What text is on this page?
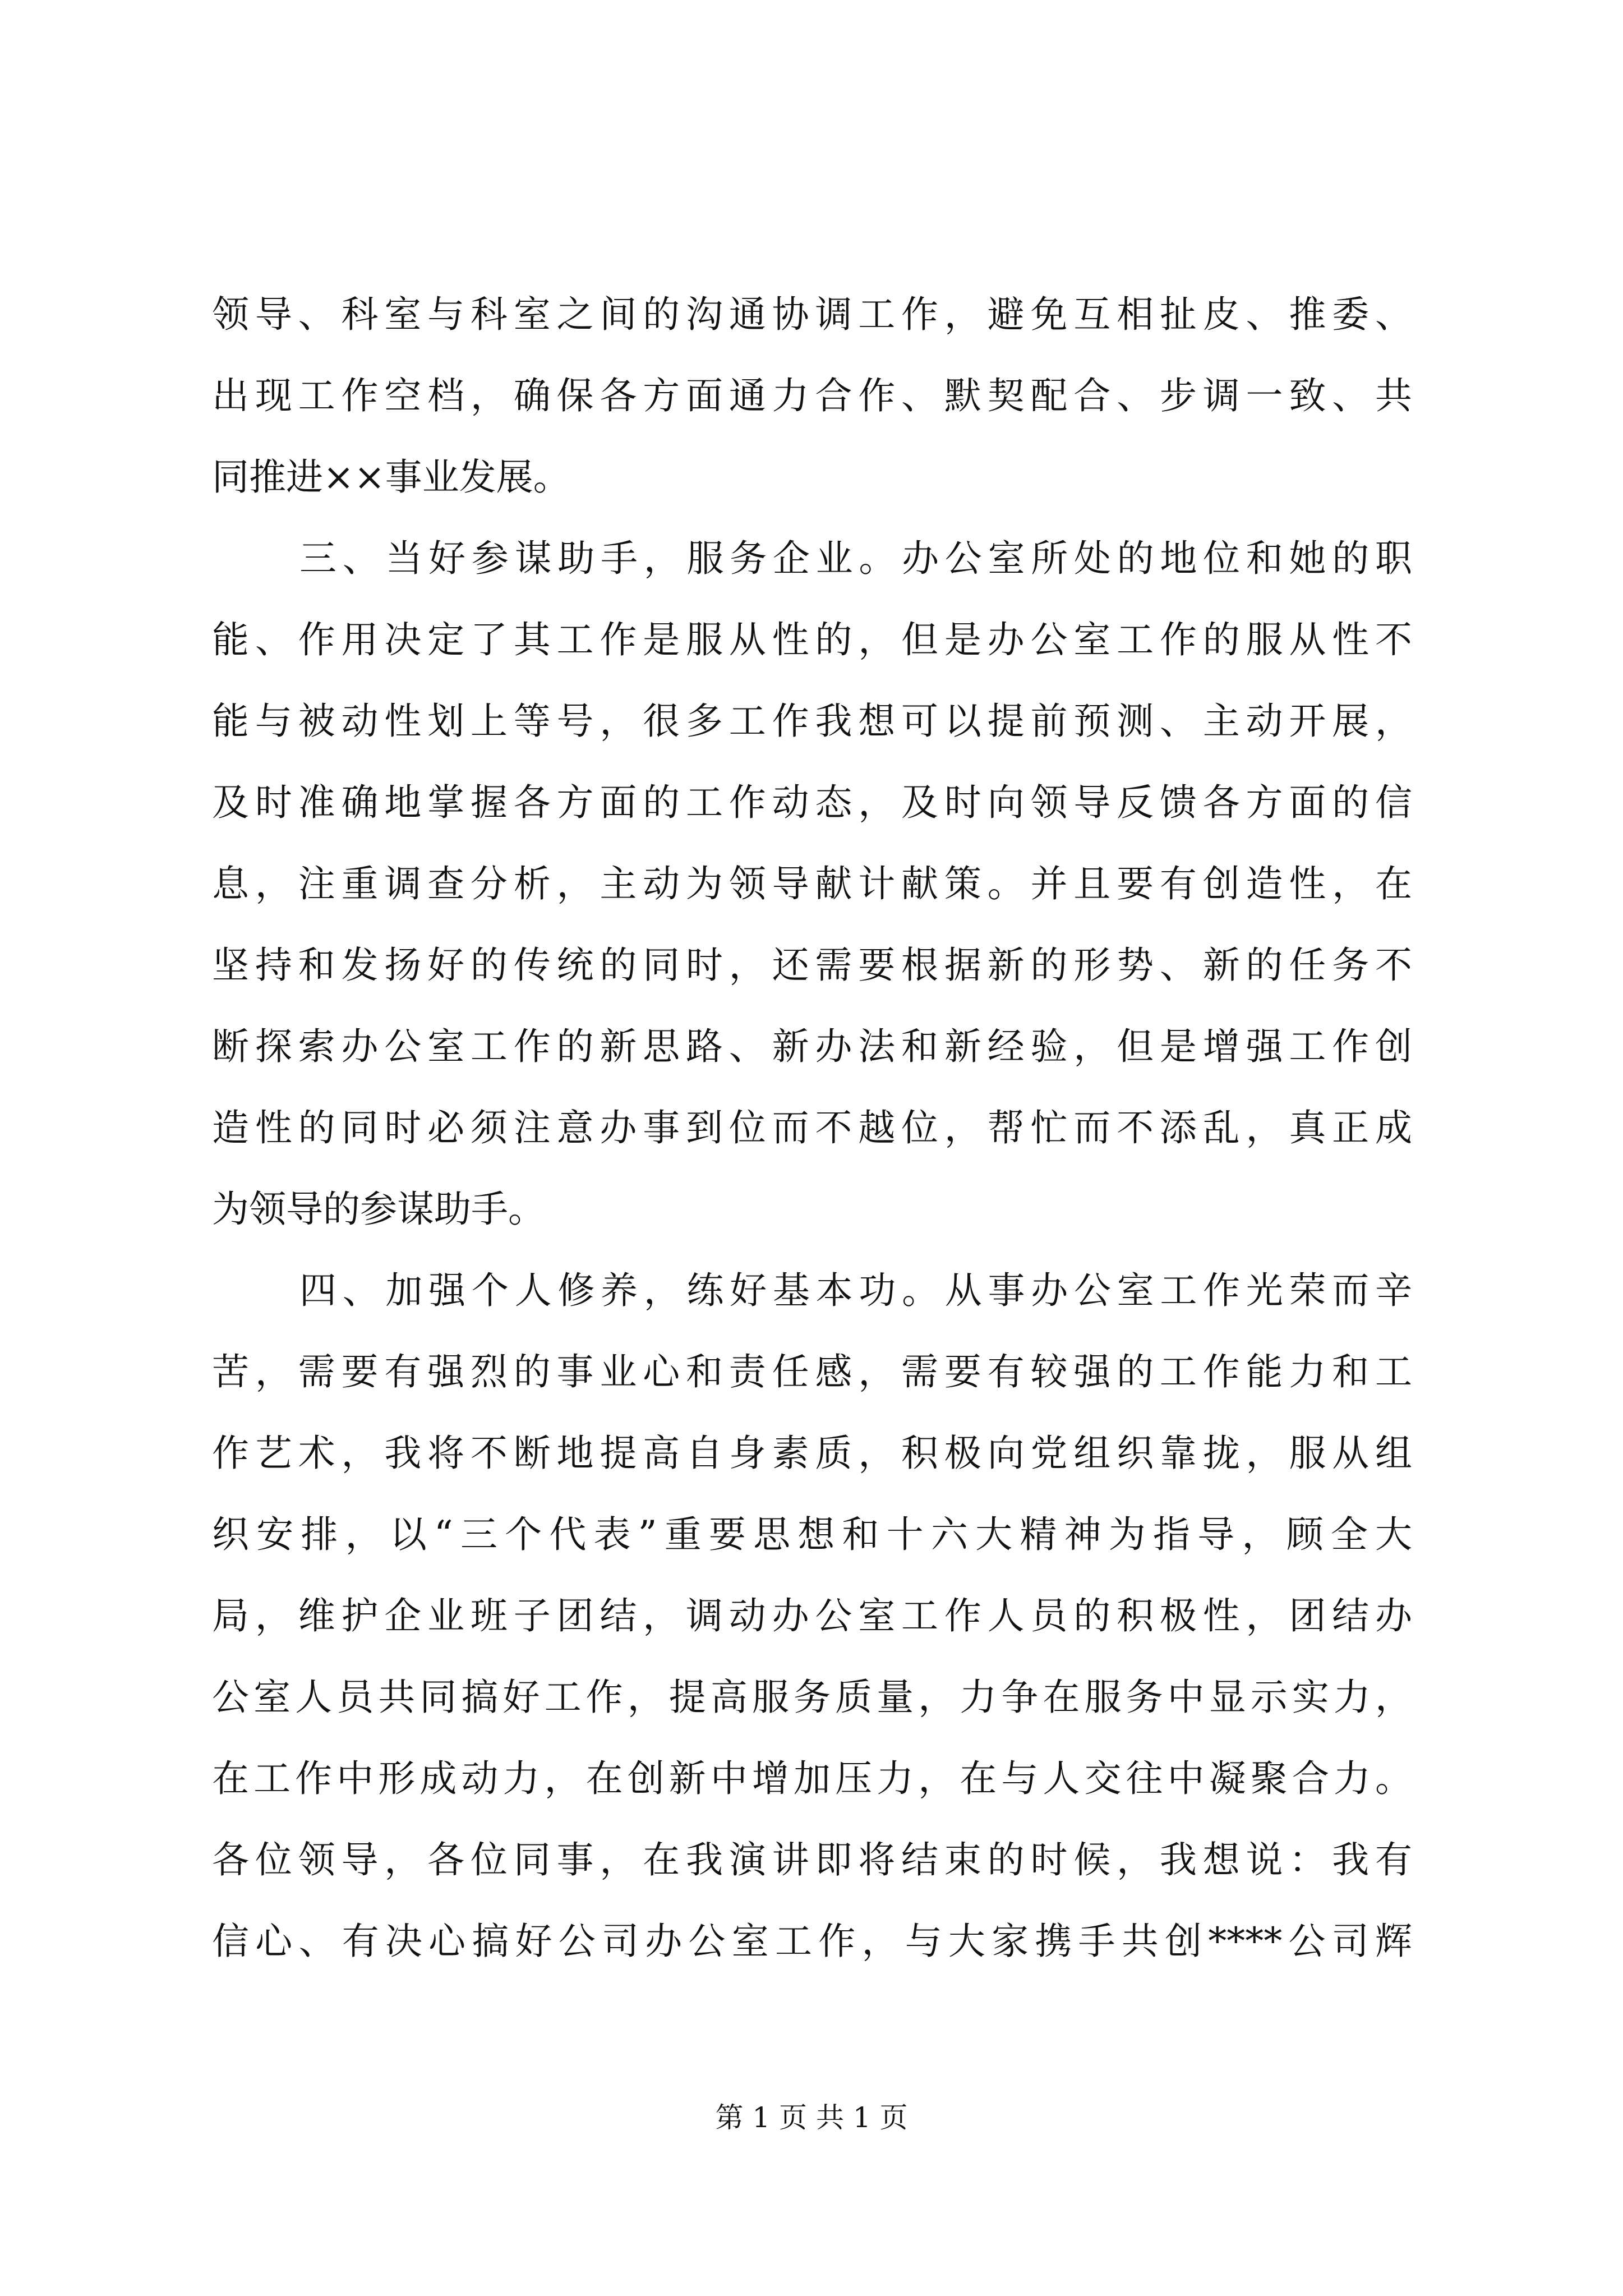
领导、科室与科室之间的沟通协调工作，避免互相扯皮、推委、
出现工作空档，确保各方面通力合作、默契配合、步调一致、共
同推进××事业发展。
三、当好参谋助手，服务企业。办公室所处的地位和她的职
能、作用决定了其工作是服从性的，但是办公室工作的服从性不
能与被动性划上等号，很多工作我想可以提前预测、主动开展，
及时准确地掌握各方面的工作动态，及时向领导反馈各方面的信
息，注重调查分析，主动为领导献计献策。并且要有创造性，在
坚持和发扬好的传统的同时，还需要根据新的形势、新的任务不
断探索办公室工作的新思路、新办法和新经验，但是增强工作创
造性的同时必须注意办事到位而不越位，帮忙而不添乱，真正成
为领导的参谋助手。
四、加强个人修养，练好基本功。从事办公室工作光荣而辛
苦，需要有强烈的事业心和责任感，需要有较强的工作能力和工
作艺术，我将不断地提高自身素质，积极向党组织靠拢，服从组
织安排，以“三个代表”重要思想和十六大精神为指导，顾全大
局，维护企业班子团结，调动办公室工作人员的积极性，团结办
公室人员共同搞好工作，提高服务质量，力争在服务中显示实力，
在工作中形成动力，在创新中增加压力，在与人交往中凝聚合力。
各位领导，各位同事，在我演讲即将结束的时候，我想说：我有
信心、有决心搞好公司办公室工作，与大家携手共创****公司辉
第 1 页 共 1 页
